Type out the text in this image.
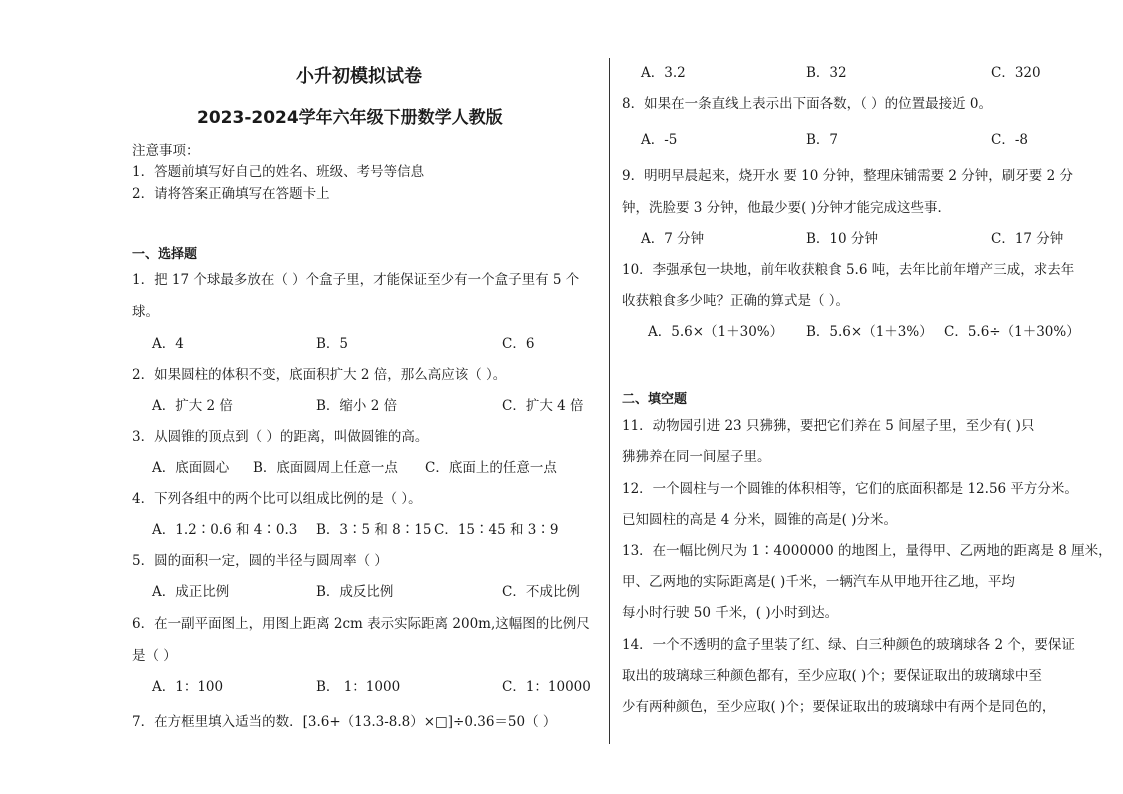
小升初模拟试卷
2023-2024学年六年级下册数学人教版
注意事项：
1．答题前填写好自己的姓名、班级、考号等信息
2．请将答案正确填写在答题卡上
一、选择题
1．把 17 个球最多放在（ ）个盒子里，才能保证至少有一个盒子里有 5 个
球。
A．4	B．5	C．6
2．如果圆柱的体积不变，底面积扩大 2 倍，那么高应该（ ）。
A．扩大 2 倍	B．缩小 2 倍	C．扩大 4 倍
3．从圆锥的顶点到（ ）的距离，叫做圆锥的高。
A．底面圆心 B．底面圆周上任意一点 C．底面上的任意一点
4．下列各组中的两个比可以组成比例的是（ ）。
A．1.2∶0.6 和 4∶0.3 B．3∶5 和 8∶15 C．15∶45 和 3∶9
5．圆的面积一定，圆的半径与圆周率（ ）
A．成正比例	B．成反比例	C．不成比例
6．在一副平面图上，用图上距离 2cm 表示实际距离 200m,这幅图的比例尺
是（ ）
A．1：100	B． 1：1000	C．1：10000
7．在方框里填入适当的数．[3.6+（13.3-8.8）×□]÷0.36＝50（ ）
A．3.2	B．32	C．320
8．如果在一条直线上表示出下面各数，（ ）的位置最接近 0。
A．-5	B．7	C．-8
9．明明早晨起来，烧开水 要 10 分钟，整理床铺需要 2 分钟，刷牙要 2 分
钟，洗脸要 3 分钟，他最少要( )分钟才能完成这些事．
A．7 分钟	B．10 分钟	C．17 分钟
10．李强承包一块地，前年收获粮食 5.6 吨，去年比前年增产三成，求去年
收获粮食多少吨？正确的算式是（ ）。
A．5.6×（1＋30%） B．5.6×（1＋3%） C．5.6÷（1＋30%）
二、填空题
11．动物园引进 23 只狒狒，要把它们养在 5 间屋子里，至少有( )只
狒狒养在同一间屋子里。
12．一个圆柱与一个圆锥的体积相等，它们的底面积都是 12.56 平方分米。
已知圆柱的高是 4 分米，圆锥的高是( )分米。
13．在一幅比例尺为 1∶4000000 的地图上，量得甲、乙两地的距离是 8 厘米，
甲、乙两地的实际距离是( )千米，一辆汽车从甲地开往乙地，平均
每小时行驶 50 千米，( )小时到达。
14．一个不透明的盒子里装了红、绿、白三种颜色的玻璃球各 2 个，要保证
取出的玻璃球三种颜色都有，至少应取( )个；要保证取出的玻璃球中至
少有两种颜色，至少应取( )个；要保证取出的玻璃球中有两个是同色的，
